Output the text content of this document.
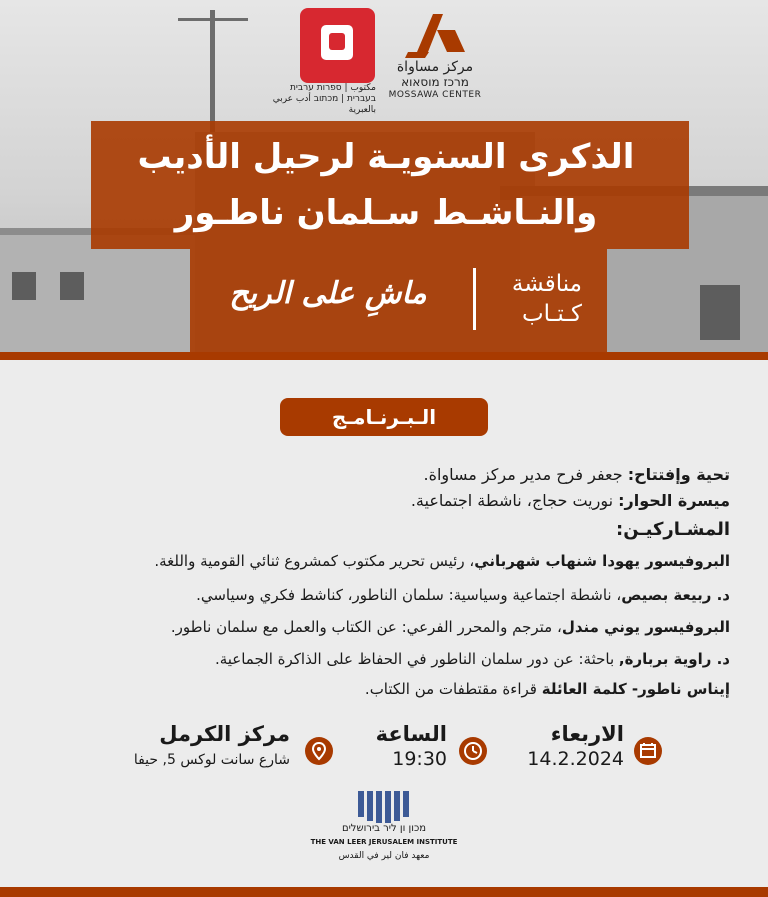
مكتوب | ספרות ערבית בעברית | מכתוב أدب عربي بالعبرية
مركز مساواة
מרכז מוסאוא
MOSSAWA CENTER
الذكرى السنويـة لرحيل الأديب
والنـاشـط سـلمان ناطـور
مناقشة
كـتـاب
ماشِ على الريح
الـبـرنـامـج
تحية وإفتتاح: جعفر فرح مدير مركز مساواة.
ميسرة الحوار: نوريت حجاج، ناشطة اجتماعية.
المشـاركيـن:
البروفيسور يهودا شنهاب شهرباني، رئيس تحرير مكتوب كمشروع ثنائي القومية واللغة.
د. ربيعة بصيص، ناشطة اجتماعية وسياسية: سلمان الناطور، كناشط فكري وسياسي.
البروفيسور يوني مندل، مترجم والمحرر الفرعي: عن الكتاب والعمل مع سلمان ناطور.
د. راوية بربارة, باحثة: عن دور سلمان الناطور في الحفاظ على الذاكرة الجماعية.
إيناس ناطور- كلمة العائلة قراءة مقتطفات من الكتاب.
الاربعاء
14.2.2024
الساعة
19:30
مركز الكرمل
شارع سانت لوكس 5, حيفا
מכון ון ליר בירושלים
THE VAN LEER JERUSALEM INSTITUTE
معهد فان لير في القدس
